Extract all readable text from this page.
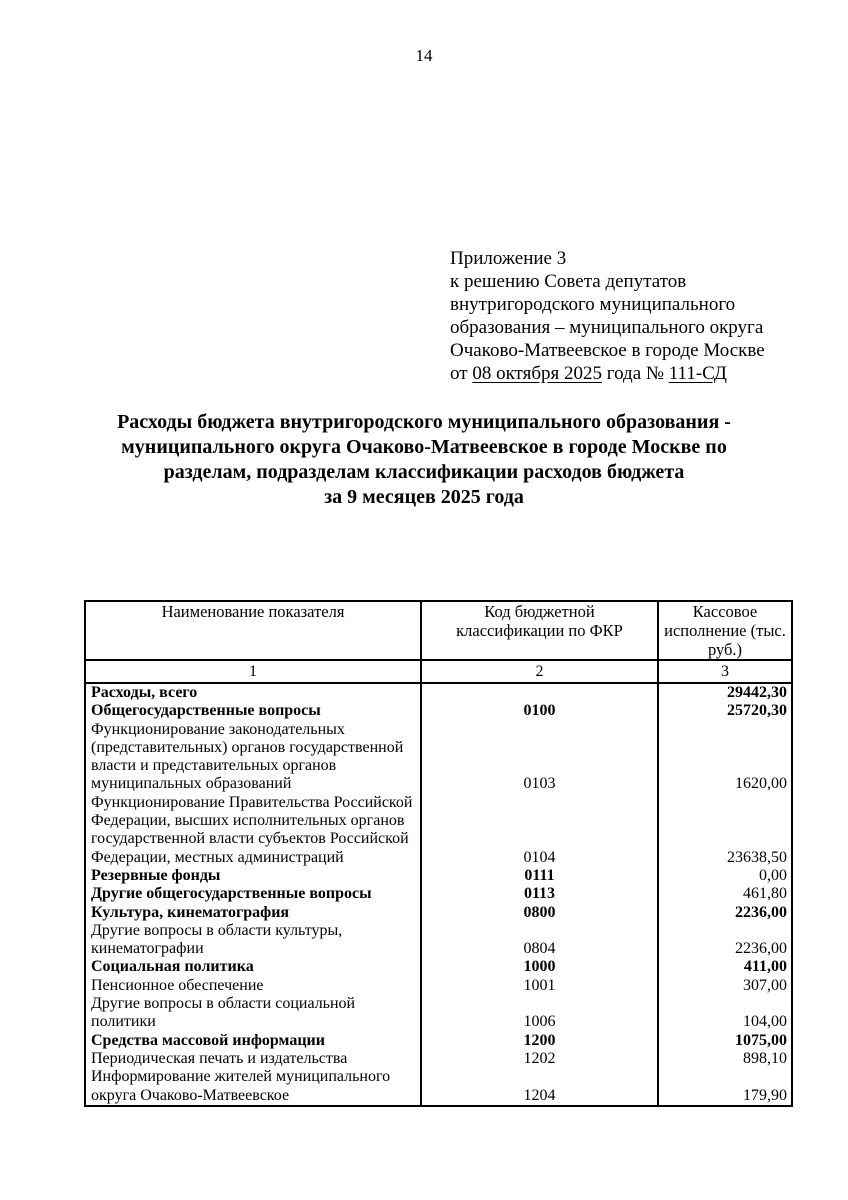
14
Приложение 3
к решению Совета депутатов
внутригородского муниципального
образования – муниципального округа
Очаково-Матвеевское в городе Москве
от 08 октября 2025 года № 111-СД
Расходы бюджета внутригородского муниципального образования -
муниципального округа Очаково-Матвеевское в городе Москве по
разделам, подразделам классификации расходов бюджета
за 9 месяцев 2025 года
Наименование показателя	Код бюджетной классификации по ФКР	Кассовое исполнение (тыс. руб.)
1	2	3
Расходы, всего		29442,30
Общегосударственные вопросы	0100	25720,30
Функционирование законодательных (представительных) органов государственной власти и представительных органов муниципальных образований	0103	1620,00
Функционирование Правительства Российской Федерации, высших исполнительных органов государственной власти субъектов Российской Федерации, местных администраций	0104	23638,50
Резервные фонды	0111	0,00
Другие общегосударственные вопросы	0113	461,80
Культура, кинематография	0800	2236,00
Другие вопросы в области культуры, кинематографии	0804	2236,00
Социальная политика	1000	411,00
Пенсионное обеспечение	1001	307,00
Другие вопросы в области социальной политики	1006	104,00
Средства массовой информации	1200	1075,00
Периодическая печать и издательства	1202	898,10
Информирование жителей муниципального округа Очаково-Матвеевское	1204	179,90
